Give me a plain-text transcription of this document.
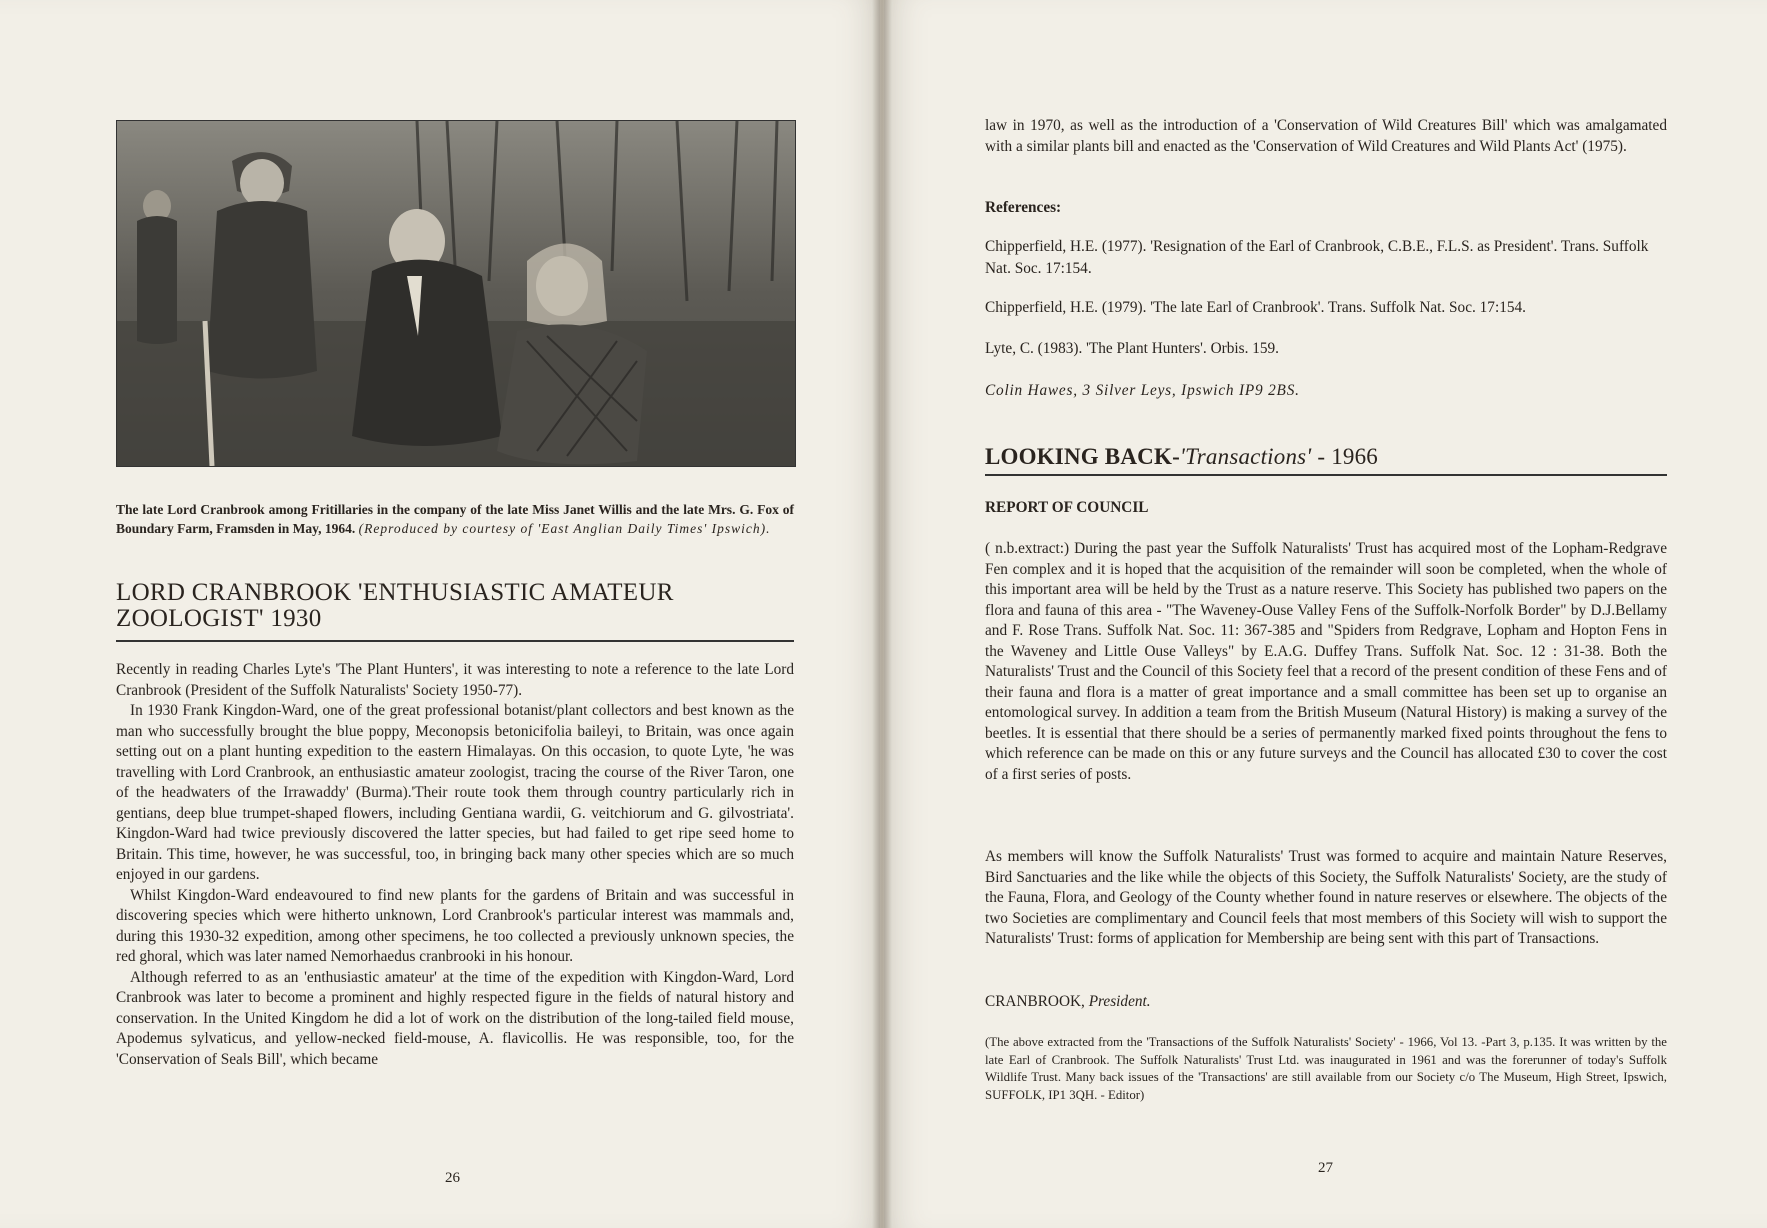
The late Lord Cranbrook among Fritillaries in the company of the late Miss Janet Willis and the late Mrs. G. Fox of Boundary Farm, Framsden in May, 1964. (Reproduced by courtesy of 'East Anglian Daily Times' Ipswich).
LORD CRANBROOK 'ENTHUSIASTIC AMATEUR ZOOLOGIST' 1930

Recently in reading Charles Lyte's 'The Plant Hunters', it was interesting to note a reference to the late Lord Cranbrook (President of the Suffolk Naturalists' Society 1950-77).

In 1930 Frank Kingdon-Ward, one of the great professional botanist/plant collectors and best known as the man who successfully brought the blue poppy, Meconopsis betonicifolia baileyi, to Britain, was once again setting out on a plant hunting expedition to the eastern Himalayas. On this occasion, to quote Lyte, 'he was travelling with Lord Cranbrook, an enthusiastic amateur zoologist, tracing the course of the River Taron, one of the headwaters of the Irrawaddy' (Burma).'Their route took them through country particularly rich in gentians, deep blue trumpet-shaped flowers, including Gentiana wardii, G. veitchiorum and G. gilvostriata'. Kingdon-Ward had twice previously discovered the latter species, but had failed to get ripe seed home to Britain. This time, however, he was successful, too, in bringing back many other species which are so much enjoyed in our gardens.

Whilst Kingdon-Ward endeavoured to find new plants for the gardens of Britain and was successful in discovering species which were hitherto unknown, Lord Cranbrook's particular interest was mammals and, during this 1930-32 expedition, among other specimens, he too collected a previously unknown species, the red ghoral, which was later named Nemorhaedus cranbrooki in his honour.

Although referred to as an 'enthusiastic amateur' at the time of the expedition with Kingdon-Ward, Lord Cranbrook was later to become a prominent and highly respected figure in the fields of natural history and conservation. In the United Kingdom he did a lot of work on the distribution of the long-tailed field mouse, Apodemus sylvaticus, and yellow-necked field-mouse, A. flavicollis. He was responsible, too, for the 'Conservation of Seals Bill', which became

26

law in 1970, as well as the introduction of a 'Conservation of Wild Creatures Bill' which was amalgamated with a similar plants bill and enacted as the 'Conservation of Wild Creatures and Wild Plants Act' (1975).

References:
Chipperfield, H.E. (1977). 'Resignation of the Earl of Cranbrook, C.B.E., F.L.S. as President'. Trans. Suffolk Nat. Soc. 17:154.
Chipperfield, H.E. (1979). 'The late Earl of Cranbrook'. Trans. Suffolk Nat. Soc. 17:154.
Lyte, C. (1983). 'The Plant Hunters'. Orbis. 159.
Colin Hawes, 3 Silver Leys, Ipswich IP9 2BS.
LOOKING BACK-'Transactions' - 1966
REPORT OF COUNCIL

( n.b.extract:) During the past year the Suffolk Naturalists' Trust has acquired most of the Lopham-Redgrave Fen complex and it is hoped that the acquisition of the remainder will soon be completed, when the whole of this important area will be held by the Trust as a nature reserve. This Society has published two papers on the flora and fauna of this area - "The Waveney-Ouse Valley Fens of the Suffolk-Norfolk Border" by D.J.Bellamy and F. Rose Trans. Suffolk Nat. Soc. 11: 367-385 and "Spiders from Redgrave, Lopham and Hopton Fens in the Waveney and Little Ouse Valleys" by E.A.G. Duffey Trans. Suffolk Nat. Soc. 12 : 31-38. Both the Naturalists' Trust and the Council of this Society feel that a record of the present condition of these Fens and of their fauna and flora is a matter of great importance and a small committee has been set up to organise an entomological survey. In addition a team from the British Museum (Natural History) is making a survey of the beetles. It is essential that there should be a series of permanently marked fixed points throughout the fens to which reference can be made on this or any future surveys and the Council has allocated £30 to cover the cost of a first series of posts.

As members will know the Suffolk Naturalists' Trust was formed to acquire and maintain Nature Reserves, Bird Sanctuaries and the like while the objects of this Society, the Suffolk Naturalists' Society, are the study of the Fauna, Flora, and Geology of the County whether found in nature reserves or elsewhere. The objects of the two Societies are complimentary and Council feels that most members of this Society will wish to support the Naturalists' Trust: forms of application for Membership are being sent with this part of Transactions.

CRANBROOK, President.
(The above extracted from the 'Transactions of the Suffolk Naturalists' Society' - 1966, Vol 13. -Part 3, p.135. It was written by the late Earl of Cranbrook. The Suffolk Naturalists' Trust Ltd. was inaugurated in 1961 and was the forerunner of today's Suffolk Wildlife Trust. Many back issues of the 'Transactions' are still available from our Society c/o The Museum, High Street, Ipswich, SUFFOLK, IP1 3QH. - Editor)
27
